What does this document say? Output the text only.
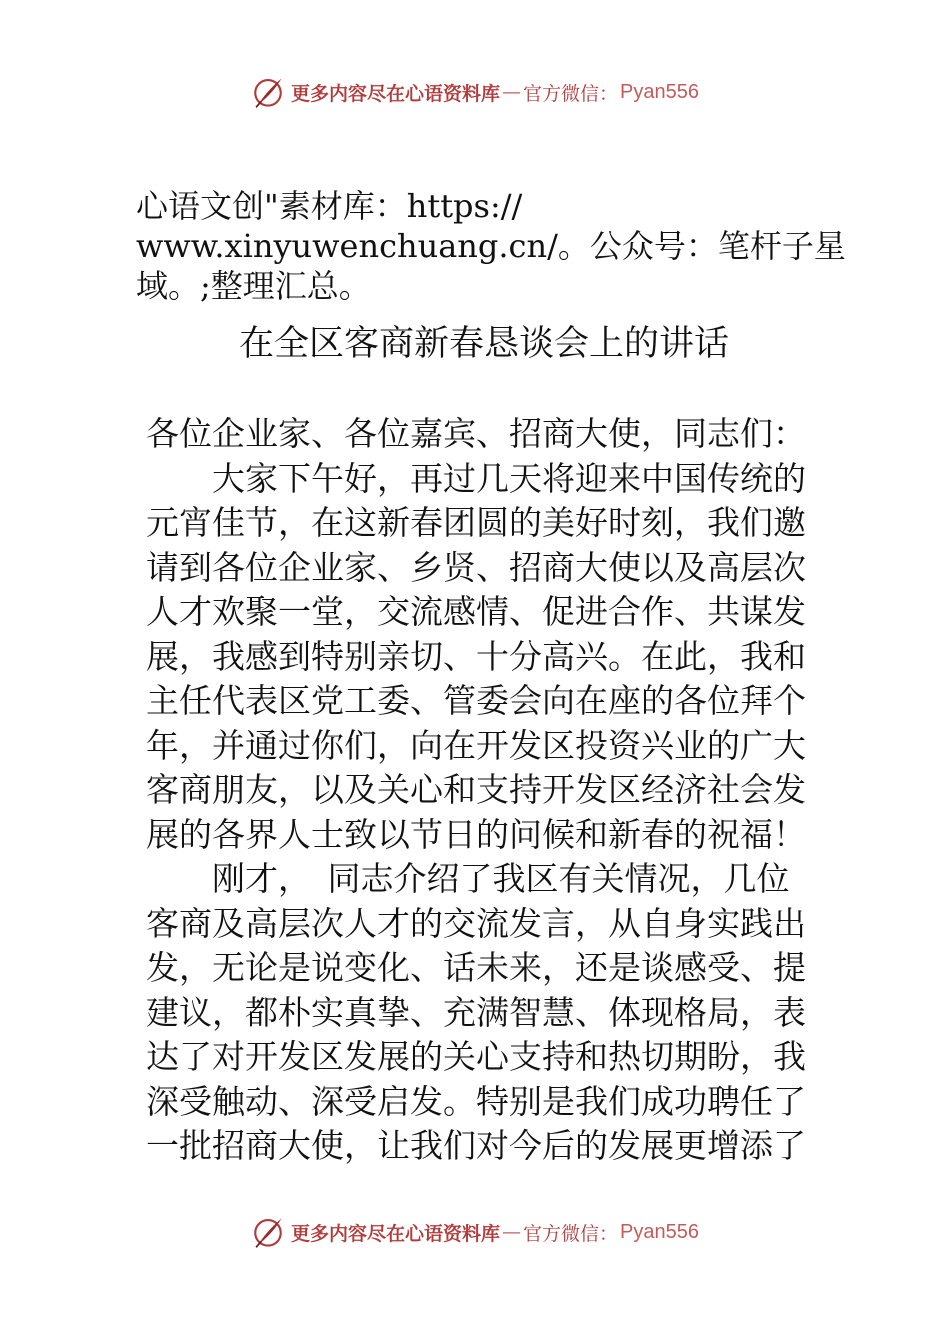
更多内容尽在心语资料库 — 官方微信： Pyan556
心语文创"素材库：https://
www.xinyuwenchuang.cn/。公众号：笔杆子星
域。;整理汇总。
在全区客商新春恳谈会上的讲话
各位企业家、各位嘉宾、招商大使，同志们：
　　大家下午好，再过几天将迎来中国传统的
元宵佳节，在这新春团圆的美好时刻，我们邀
请到各位企业家、乡贤、招商大使以及高层次
人才欢聚一堂，交流感情、促进合作、共谋发
展，我感到特别亲切、十分高兴。在此，我和
主任代表区党工委、管委会向在座的各位拜个
年，并通过你们，向在开发区投资兴业的广大
客商朋友，以及关心和支持开发区经济社会发
展的各界人士致以节日的问候和新春的祝福！
　　刚才，　同志介绍了我区有关情况，几位
客商及高层次人才的交流发言，从自身实践出
发，无论是说变化、话未来，还是谈感受、提
建议，都朴实真挚、充满智慧、体现格局，表
达了对开发区发展的关心支持和热切期盼，我
深受触动、深受启发。特别是我们成功聘任了
一批招商大使，让我们对今后的发展更增添了
更多内容尽在心语资料库 — 官方微信： Pyan556
